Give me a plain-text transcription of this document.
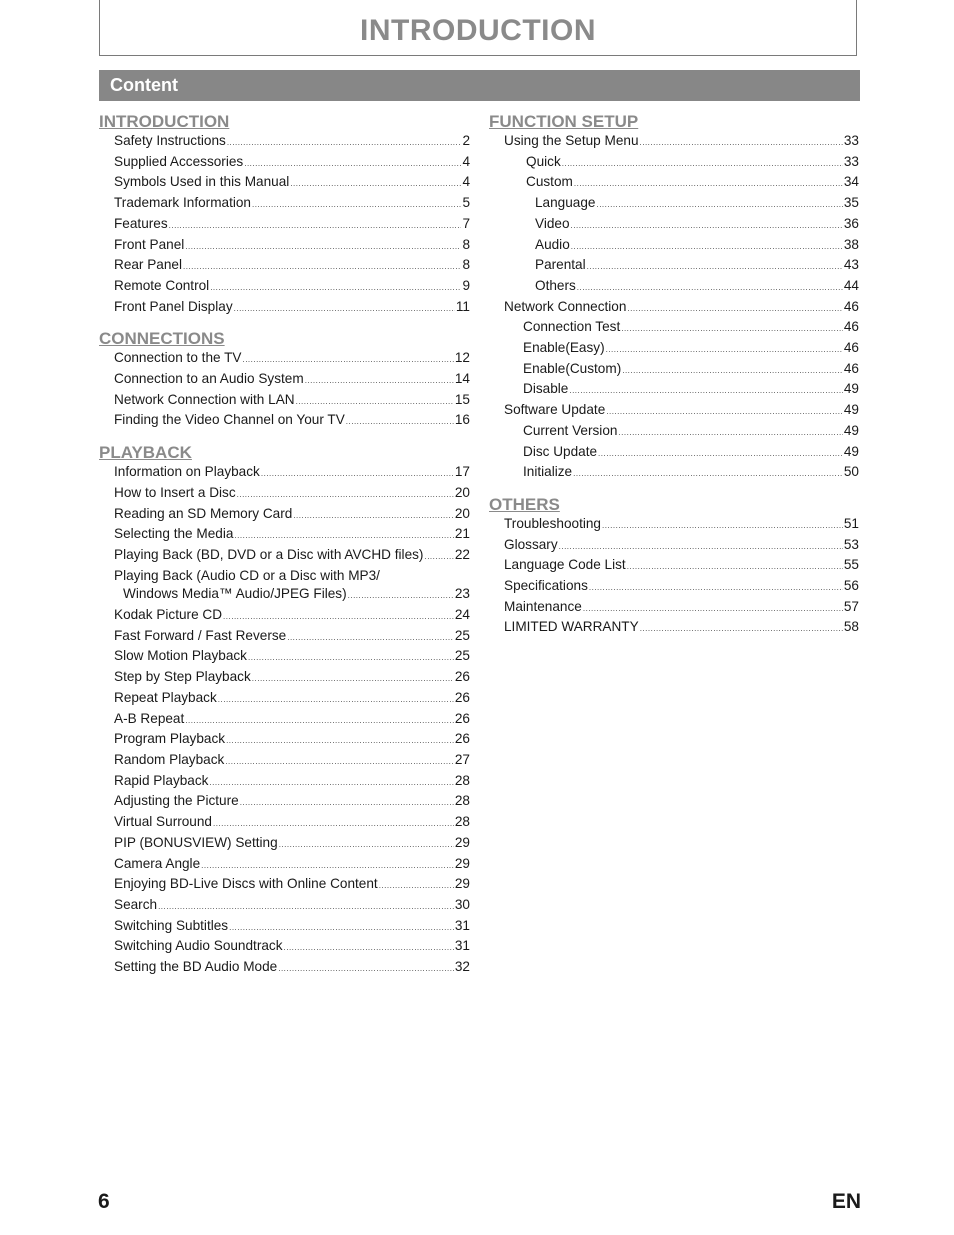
INTRODUCTION
Content
INTRODUCTION
Safety Instructions .....	2
Supplied Accessories .....	4
Symbols Used in this Manual .....	4
Trademark Information .....	5
Features .....	7
Front Panel .....	8
Rear Panel .....	8
Remote Control .....	9
Front Panel Display .....	11
CONNECTIONS
Connection to the TV .....	12
Connection to an Audio System .....	14
Network Connection with LAN .....	15
Finding the Video Channel on Your TV .....	16
PLAYBACK
Information on Playback .....	17
How to Insert a Disc .....	20
Reading an SD Memory Card .....	20
Selecting the Media .....	21
Playing Back (BD, DVD or a Disc with AVCHD files) ..... 22
Playing Back (Audio CD or a Disc with MP3/
Windows Media™ Audio/JPEG Files) .....	23
Kodak Picture CD .....	24
Fast Forward / Fast Reverse .....	25
Slow Motion Playback .....	25
Step by Step Playback .....	26
Repeat Playback .....	26
A-B Repeat .....	26
Program Playback .....	26
Random Playback .....	27
Rapid Playback .....	28
Adjusting the Picture .....	28
Virtual Surround .....	28
PIP (BONUSVIEW) Setting .....	29
Camera Angle .....	29
Enjoying BD-Live Discs with Online Content .....	29
Search .....	30
Switching Subtitles .....	31
Switching Audio Soundtrack .....	31
Setting the BD Audio Mode .....	32
FUNCTION SETUP
Using the Setup Menu .....	33
Quick .....	33
Custom .....	34
Language .....	35
Video .....	36
Audio .....	38
Parental .....	43
Others .....	44
Network Connection .....	46
Connection Test .....	46
Enable(Easy) .....	46
Enable(Custom) .....	46
Disable .....	49
Software Update .....	49
Current Version .....	49
Disc Update .....	49
Initialize .....	50
OTHERS
Troubleshooting .....	51
Glossary .....	53
Language Code List .....	55
Specifications .....	56
Maintenance .....	57
LIMITED WARRANTY .....	58
6	EN
